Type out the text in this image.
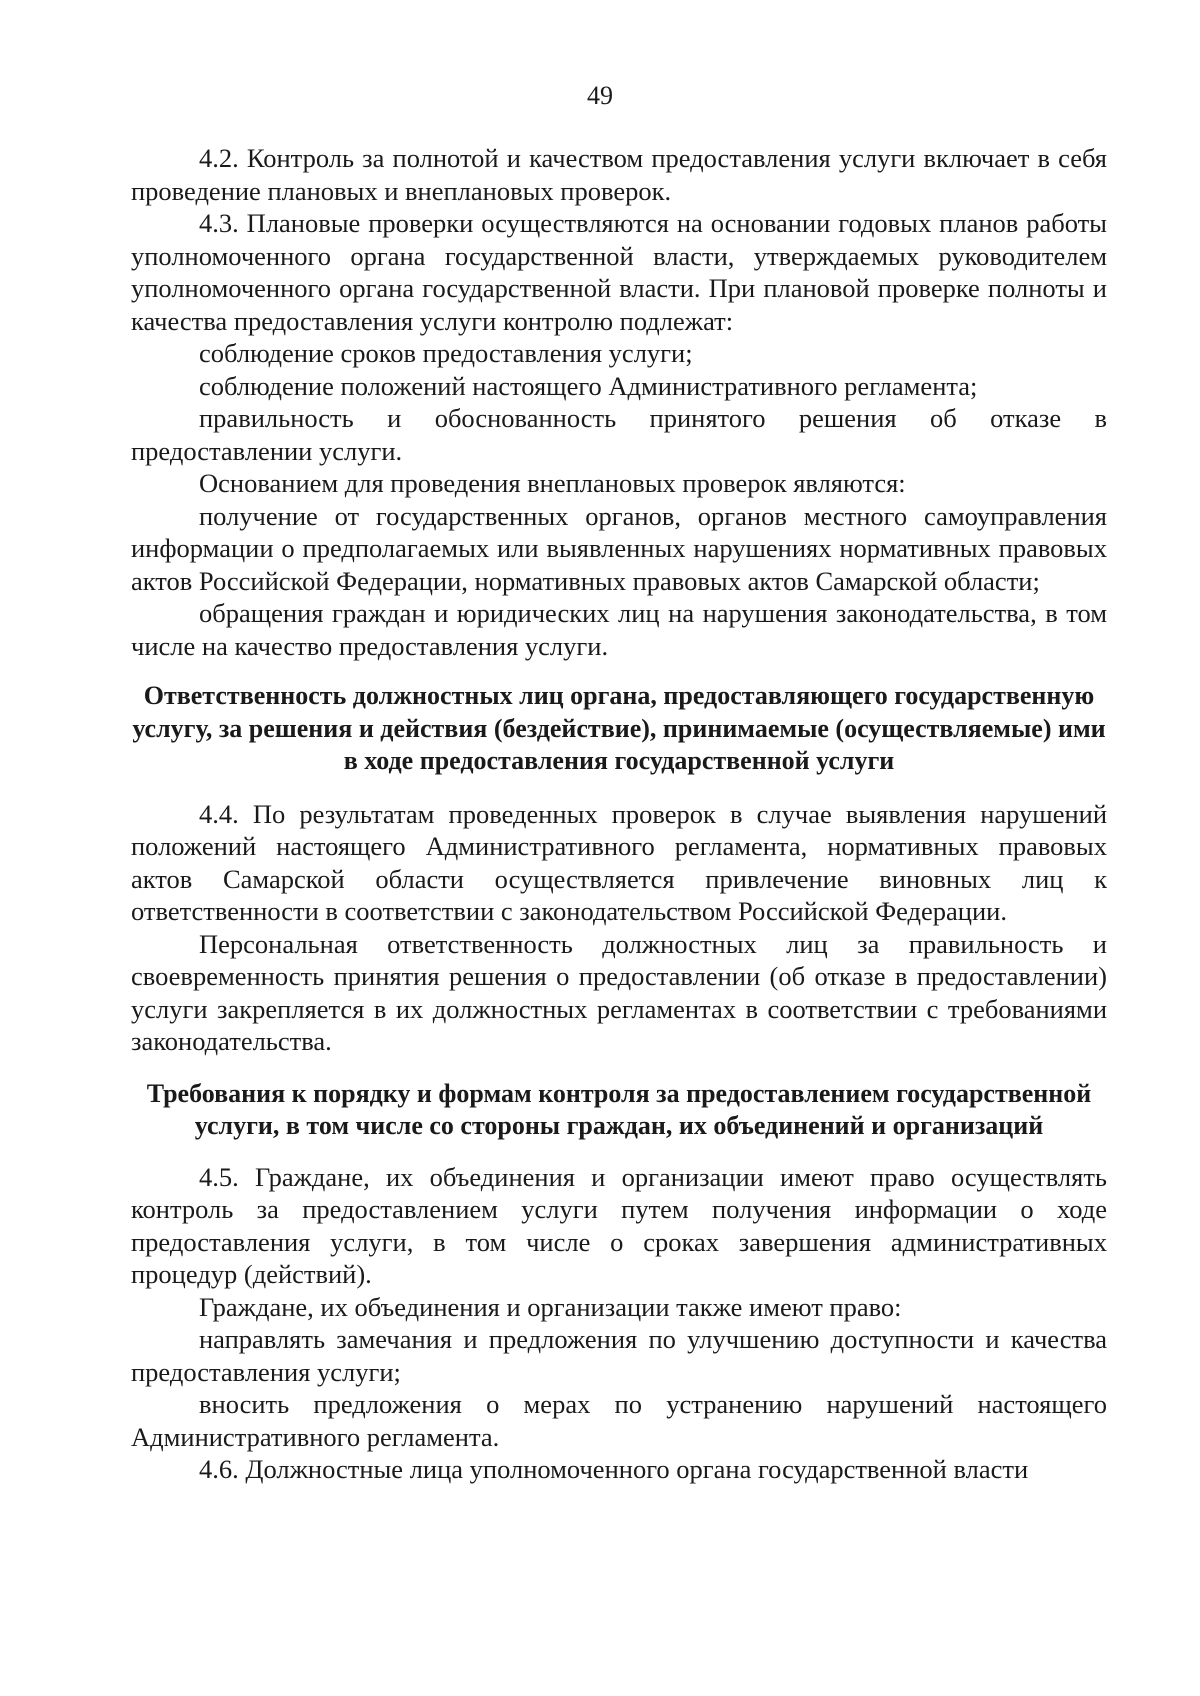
49

4.2. Контроль за полнотой и качеством предоставления услуги включает в себя проведение плановых и внеплановых проверок.

4.3. Плановые проверки осуществляются на основании годовых планов работы уполномоченного органа государственной власти, утверждаемых руководителем уполномоченного органа государственной власти. При плановой проверке полноты и качества предоставления услуги контролю подлежат:

соблюдение сроков предоставления услуги;

соблюдение положений настоящего Административного регламента;

правильность и обоснованность принятого решения об отказе в предоставлении услуги.

Основанием для проведения внеплановых проверок являются:

получение от государственных органов, органов местного самоуправления информации о предполагаемых или выявленных нарушениях нормативных правовых актов Российской Федерации, нормативных правовых актов Самарской области;

обращения граждан и юридических лиц на нарушения законодательства, в том числе на качество предоставления услуги.

Ответственность должностных лиц органа, предоставляющего государственную услугу, за решения и действия (бездействие), принимаемые (осуществляемые) ими в ходе предоставления государственной услуги

4.4. По результатам проведенных проверок в случае выявления нарушений положений настоящего Административного регламента, нормативных правовых актов Самарской области осуществляется привлечение виновных лиц к ответственности в соответствии с законодательством Российской Федерации.

Персональная ответственность должностных лиц за правильность и своевременность принятия решения о предоставлении (об отказе в предоставлении) услуги закрепляется в их должностных регламентах в соответствии с требованиями законодательства.

Требования к порядку и формам контроля за предоставлением государственной услуги, в том числе со стороны граждан, их объединений и организаций

4.5. Граждане, их объединения и организации имеют право осуществлять контроль за предоставлением услуги путем получения информации о ходе предоставления услуги, в том числе о сроках завершения административных процедур (действий).

Граждане, их объединения и организации также имеют право:

направлять замечания и предложения по улучшению доступности и качества предоставления услуги;

вносить предложения о мерах по устранению нарушений настоящего Административного регламента.

4.6. Должностные лица уполномоченного органа государственной власти
